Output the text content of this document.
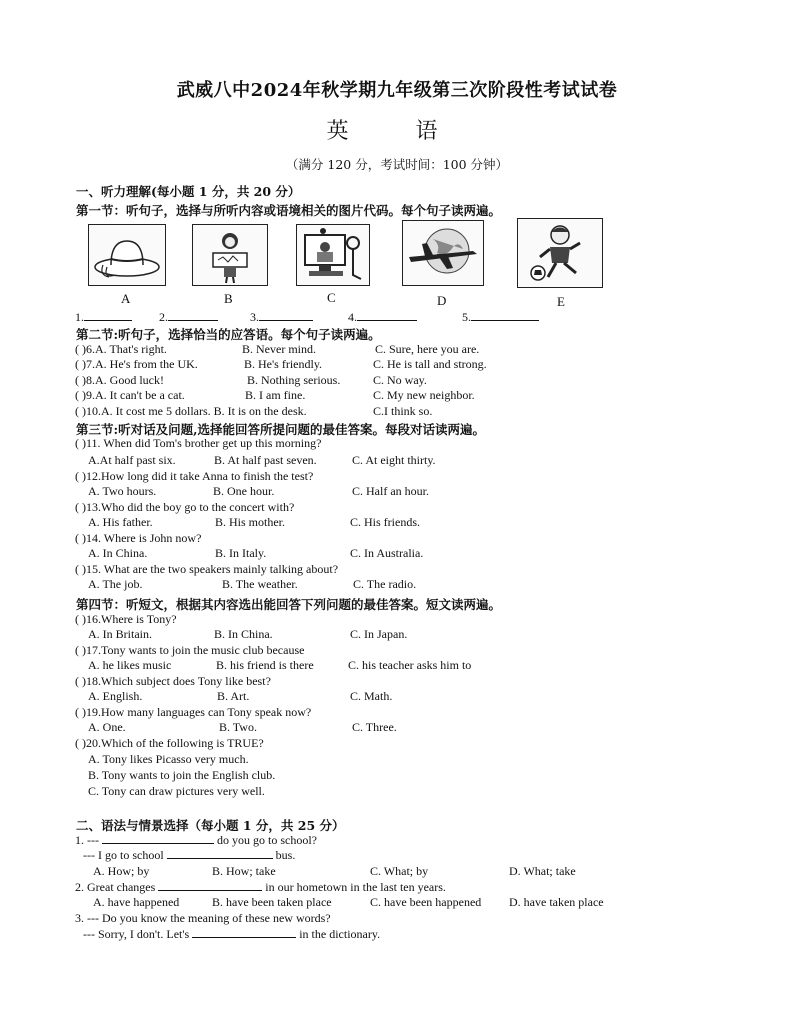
武威八中2024年秋学期九年级第三次阶段性考试试卷
英 语
（满分 120 分，考试时间：100 分钟）
一、听力理解(每小题 1 分，共 20 分）
第一节：听句子，选择与所听内容或语境相关的图片代码。每个句子读两遍。
A	B	C	D	E
1.	2.	3.	4.	5.
第二节:听句子，选择恰当的应答语。每个句子读两遍。
( )6.A. That's right.	B. Never mind.	C. Sure, here you are.
( )7.A. He's from the UK.	B. He's friendly.	C. He is tall and strong.
( )8.A. Good luck!	B. Nothing serious.	C. No way.
( )9.A. It can't be a cat.	B. I am fine.	C. My new neighbor.
( )10.A. It cost me 5 dollars. B. It is on the desk.	C.I think so.
第三节:听对话及问题,选择能回答所提问题的最佳答案。每段对话读两遍。
( )11. When did Tom's brother get up this morning?
A.At half past six.	B. At half past seven.	C. At eight thirty.
( )12.How long did it take Anna to finish the test?
A. Two hours.	B. One hour.	C. Half an hour.
( )13.Who did the boy go to the concert with?
A. His father.	B. His mother.	C. His friends.
( )14. Where is John now?
A. In China.	B. In Italy.	C. In Australia.
( )15. What are the two speakers mainly talking about?
A. The job.	B. The weather.	C. The radio.
第四节：听短文，根据其内容选出能回答下列问题的最佳答案。短文读两遍。
( )16.Where is Tony?
A. In Britain.	B. In China.	C. In Japan.
( )17.Tony wants to join the music club because
A. he likes music	B. his friend is there	C. his teacher asks him to
( )18.Which subject does Tony like best?
A. English.	B. Art.	C. Math.
( )19.How many languages can Tony speak now?
A. One.	B. Two.	C. Three.
( )20.Which of the following is TRUE?
A. Tony likes Picasso very much.
B. Tony wants to join the English club.
C. Tony can draw pictures very well.
二、语法与情景选择（每小题 1 分，共 25 分）
1. ---	do you go to school?
--- I go to school	bus.
A. How; by	B. How; take	C. What; by	D. What; take
2. Great changes	in our hometown in the last ten years.
A. have happened	B. have been taken place	C. have been happened D. have taken place
3. --- Do you know the meaning of these new words?
--- Sorry, I don't. Let's	in the dictionary.
